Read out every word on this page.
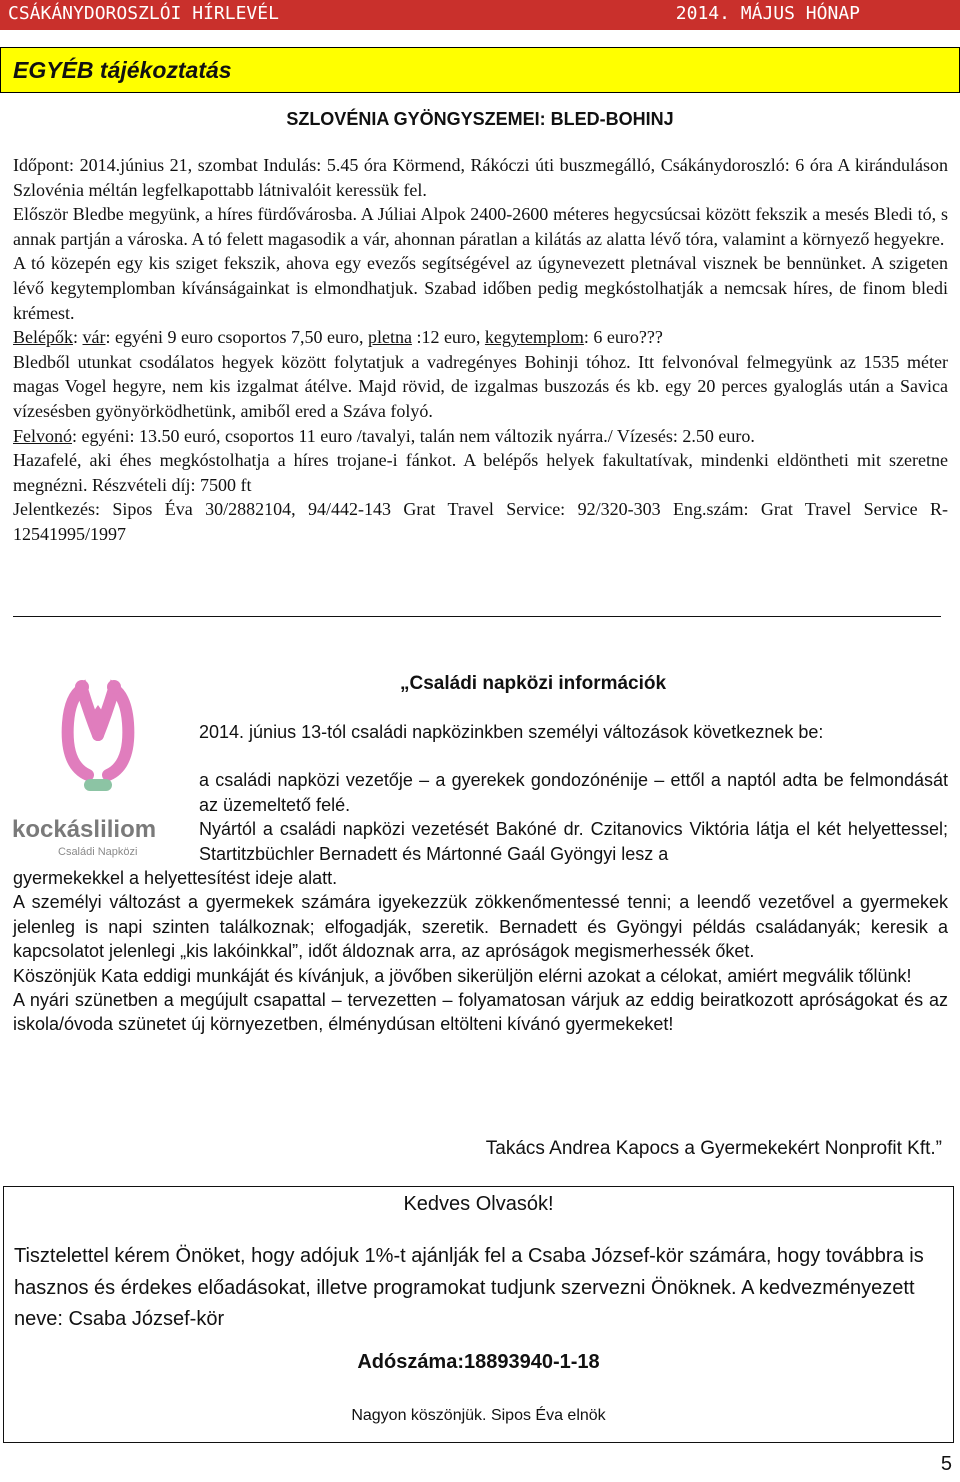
CSÁKÁNYDOROSZLÓI HÍRLEVÉL	2014. MÁJUS HÓNAP
EGYÉB tájékoztatás
SZLOVÉNIA GYÖNGYSZEMEI: BLED-BOHINJ

Időpont: 2014.június 21, szombat Indulás: 5.45 óra Körmend, Rákóczi úti buszmegálló, Csákánydoroszló: 6 óra A kiránduláson Szlovénia méltán legfelkapottabb látnivalóit keressük fel.

Először Bledbe megyünk, a híres fürdővárosba. A Júliai Alpok 2400-2600 méteres hegycsúcsai között fekszik a mesés Bledi tó, s annak partján a városka. A tó felett magasodik a vár, ahonnan páratlan a kilátás az alatta lévő tóra, valamint a környező hegyekre.

A tó közepén egy kis sziget fekszik, ahova egy evezős segítségével az úgynevezett pletnával visznek be bennünket. A szigeten lévő kegytemplomban kívánságainkat is elmondhatjuk. Szabad időben pedig megkóstolhatják a nemcsak híres, de finom bledi krémest.

Belépők: vár: egyéni 9 euro csoportos 7,50 euro, pletna :12 euro, kegytemplom: 6 euro???

Bledből utunkat csodálatos hegyek között folytatjuk a vadregényes Bohinji tóhoz. Itt felvonóval felmegyünk az 1535 méter magas Vogel hegyre, nem kis izgalmat átélve. Majd rövid, de izgalmas buszozás és kb. egy 20 perces gyaloglás után a Savica vízesésben gyönyörködhetünk, amiből ered a Száva folyó.

Felvonó: egyéni: 13.50 euró, csoportos 11 euro /tavalyi, talán nem változik nyárra./ Vízesés: 2.50 euro.

Hazafelé, aki éhes megkóstolhatja a híres trojane-i fánkot. A belépős helyek fakultatívak, mindenki eldöntheti mit szeretne megnézni. Részvételi díj: 7500 ft

Jelentkezés: Sipos Éva 30/2882104, 94/442-143 Grat Travel Service: 92/320-303 Eng.szám: Grat Travel Service R-12541995/1997

kockásliliom
Családi Napközi
„Családi napközi információk

2014. június 13-tól családi napközinkben személyi változások következnek be:

a családi napközi vezetője – a gyerekek gondozónénije – ettől a naptól adta be felmondását az üzemeltető felé.

Nyártól a családi napközi vezetését Bakóné dr. Czitanovics Viktória látja el két helyettessel; Startitzbüchler Bernadett és Mártonné Gaál Gyöngyi lesz a

gyermekekkel a helyettesítést ideje alatt.

A személyi változást a gyermekek számára igyekezzük zökkenőmentessé tenni; a leendő vezetővel a gyermekek jelenleg is napi szinten találkoznak; elfogadják, szeretik. Bernadett és Gyöngyi példás családanyák; keresik a kapcsolatot jelenlegi „kis lakóinkkal”, időt áldoznak arra, az apróságok megismerhessék őket.

Köszönjük Kata eddigi munkáját és kívánjuk, a jövőben sikerüljön elérni azokat a célokat, amiért megválik tőlünk!

A nyári szünetben a megújult csapattal – tervezetten – folyamatosan várjuk az eddig beiratkozott apróságokat és az iskola/óvoda szünetet új környezetben, élménydúsan eltölteni kívánó gyermekeket!

Takács Andrea Kapocs a Gyermekekért Nonprofit Kft.”
Kedves Olvasók!
Tisztelettel kérem Önöket, hogy adójuk 1%-t ajánlják fel a Csaba József-kör számára, hogy továbbra is hasznos és érdekes előadásokat, illetve programokat tudjunk szervezni Önöknek. A kedvezményezett neve: Csaba József-kör
Adószáma:18893940-1-18
Nagyon köszönjük. Sipos Éva elnök
5
